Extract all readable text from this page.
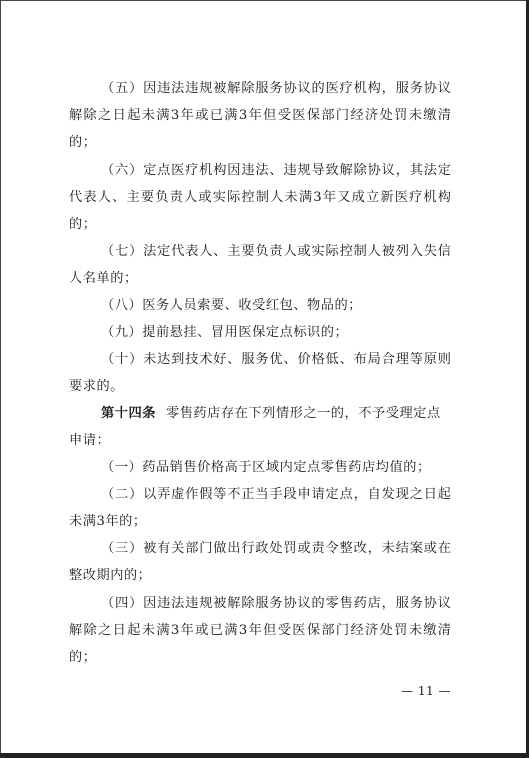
（五）因违法违规被解除服务协议的医疗机构，服务协议
解除之日起未满3年或已满3年但受医保部门经济处罚未缴清
的；
（六）定点医疗机构因违法、违规导致解除协议，其法定
代表人、主要负责人或实际控制人未满3年又成立新医疗机构
的；
（七）法定代表人、主要负责人或实际控制人被列入失信
人名单的；
（八）医务人员索要、收受红包、物品的；
（九）提前悬挂、冒用医保定点标识的；
（十）未达到技术好、服务优、价格低、布局合理等原则
要求的。
第十四条 零售药店存在下列情形之一的，不予受理定点
申请：
（一）药品销售价格高于区域内定点零售药店均值的；
（二）以弄虚作假等不正当手段申请定点，自发现之日起
未满3年的；
（三）被有关部门做出行政处罚或责令整改，未结案或在
整改期内的；
（四）因违法违规被解除服务协议的零售药店，服务协议
解除之日起未满3年或已满3年但受医保部门经济处罚未缴清
的；
— 11 —
